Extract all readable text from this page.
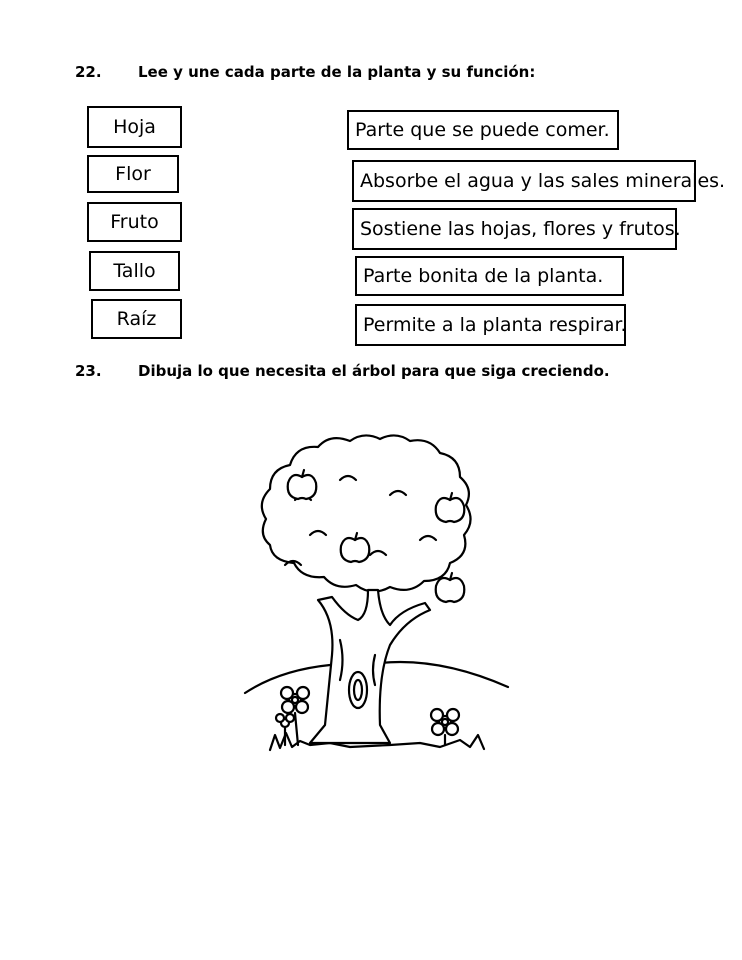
22. Lee y une cada parte de la planta y su función:
Hoja
Flor
Fruto
Tallo
Raíz
Parte que se puede comer.
Absorbe el agua y las sales minerales.
Sostiene las hojas, flores y frutos.
Parte bonita de la planta.
Permite a la planta respirar.
23. Dibuja lo que necesita el árbol para que siga creciendo.
